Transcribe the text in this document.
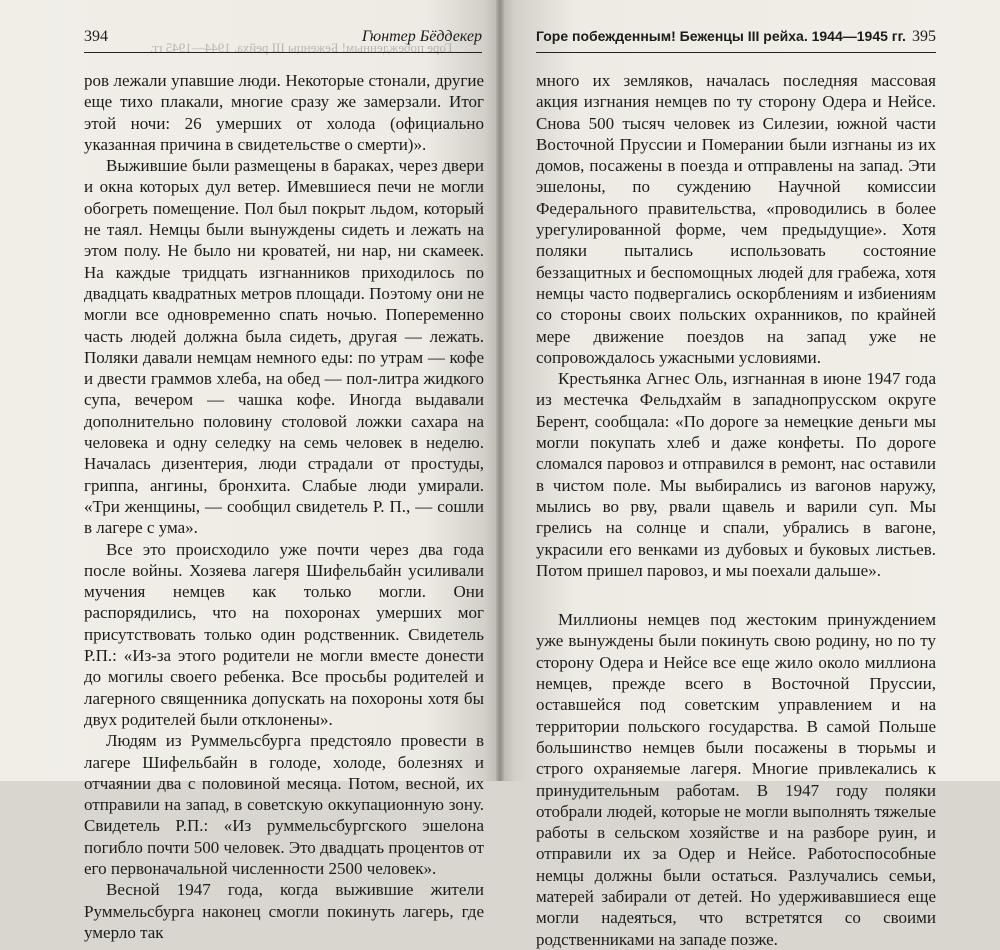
Горе побежденным! Беженцы III рейха. 1944—1945 гг.
394	Гюнтер Бёддекер

ров лежали упавшие люди. Некоторые стонали, другие еще тихо плакали, многие сразу же замерзали. Итог этой ночи: 26 умерших от холода (официально указанная причина в свидетельстве о смерти)».

Выжившие были размещены в бараках, через двери и окна которых дул ветер. Имевшиеся печи не могли обогреть помещение. Пол был покрыт льдом, который не таял. Немцы были вынуждены сидеть и лежать на этом полу. Не было ни кроватей, ни нар, ни скамеек. На каждые тридцать изгнанников приходилось по двадцать квадратных метров площади. Поэтому они не могли все одновременно спать ночью. Попеременно часть людей должна была сидеть, другая — лежать. Поляки давали немцам немного еды: по утрам — кофе и двести граммов хлеба, на обед — пол-литра жидкого супа, вечером — чашка кофе. Иногда выдавали дополнительно половину столовой ложки сахара на человека и одну селедку на семь человек в неделю. Началась дизентерия, люди страдали от простуды, гриппа, ангины, бронхита. Слабые люди умирали. «Три женщины, — сообщил свидетель Р. П., — сошли в лагере с ума».

Все это происходило уже почти через два года после войны. Хозяева лагеря Шифельбайн усиливали мучения немцев как только могли. Они распорядились, что на похоронах умерших мог присутствовать только один родственник. Свидетель Р.П.: «Из-за этого родители не могли вместе донести до могилы своего ребенка. Все просьбы родителей и лагерного священника допускать на похороны хотя бы двух родителей были отклонены».

Людям из Руммельсбурга предстояло провести в лагере Шифельбайн в голоде, холоде, болезнях и отчаянии два с половиной месяца. Потом, весной, их отправили на запад, в советскую оккупационную зону. Свидетель Р.П.: «Из руммельсбургского эшелона погибло почти 500 человек. Это двадцать процентов от его первоначальной численности 2500 человек».

Весной 1947 года, когда выжившие жители Руммельсбурга наконец смогли покинуть лагерь, где умерло так

Горе побежденным! Беженцы III рейха. 1944—1945 гг. 395

много их земляков, началась последняя массовая акция изгнания немцев по ту сторону Одера и Нейсе. Снова 500 тысяч человек из Силезии, южной части Восточной Пруссии и Померании были изгнаны из их домов, посажены в поезда и отправлены на запад. Эти эшелоны, по суждению Научной комиссии Федерального правительства, «проводились в более урегулированной форме, чем предыдущие». Хотя поляки пытались использовать состояние беззащитных и беспомощных людей для грабежа, хотя немцы часто подвергались оскорблениям и избиениям со стороны своих польских охранников, по крайней мере движение поездов на запад уже не сопровождалось ужасными условиями.

Крестьянка Агнес Оль, изгнанная в июне 1947 года из местечка Фельдхайм в западнопрусском округе Берент, сообщала: «По дороге за немецкие деньги мы могли покупать хлеб и даже конфеты. По дороге сломался паровоз и отправился в ремонт, нас оставили в чистом поле. Мы выбирались из вагонов наружу, мылись во рву, рвали щавель и варили суп. Мы грелись на солнце и спали, убрались в вагоне, украсили его венками из дубовых и буковых листьев. Потом пришел паровоз, и мы поехали дальше».

Миллионы немцев под жестоким принуждением уже вынуждены были покинуть свою родину, но по ту сторону Одера и Нейсе все еще жило около миллиона немцев, прежде всего в Восточной Пруссии, оставшейся под советским управлением и на территории польского государства. В самой Польше большинство немцев были посажены в тюрьмы и строго охраняемые лагеря. Многие привлекались к принудительным работам. В 1947 году поляки отобрали людей, которые не могли выполнять тяжелые работы в сельском хозяйстве и на разборе руин, и отправили их за Одер и Нейсе. Работоспособные немцы должны были остаться. Разлучались семьи, матерей забирали от детей. Но удерживавшиеся еще могли надеяться, что встретятся со своими родственниками на западе позже.
